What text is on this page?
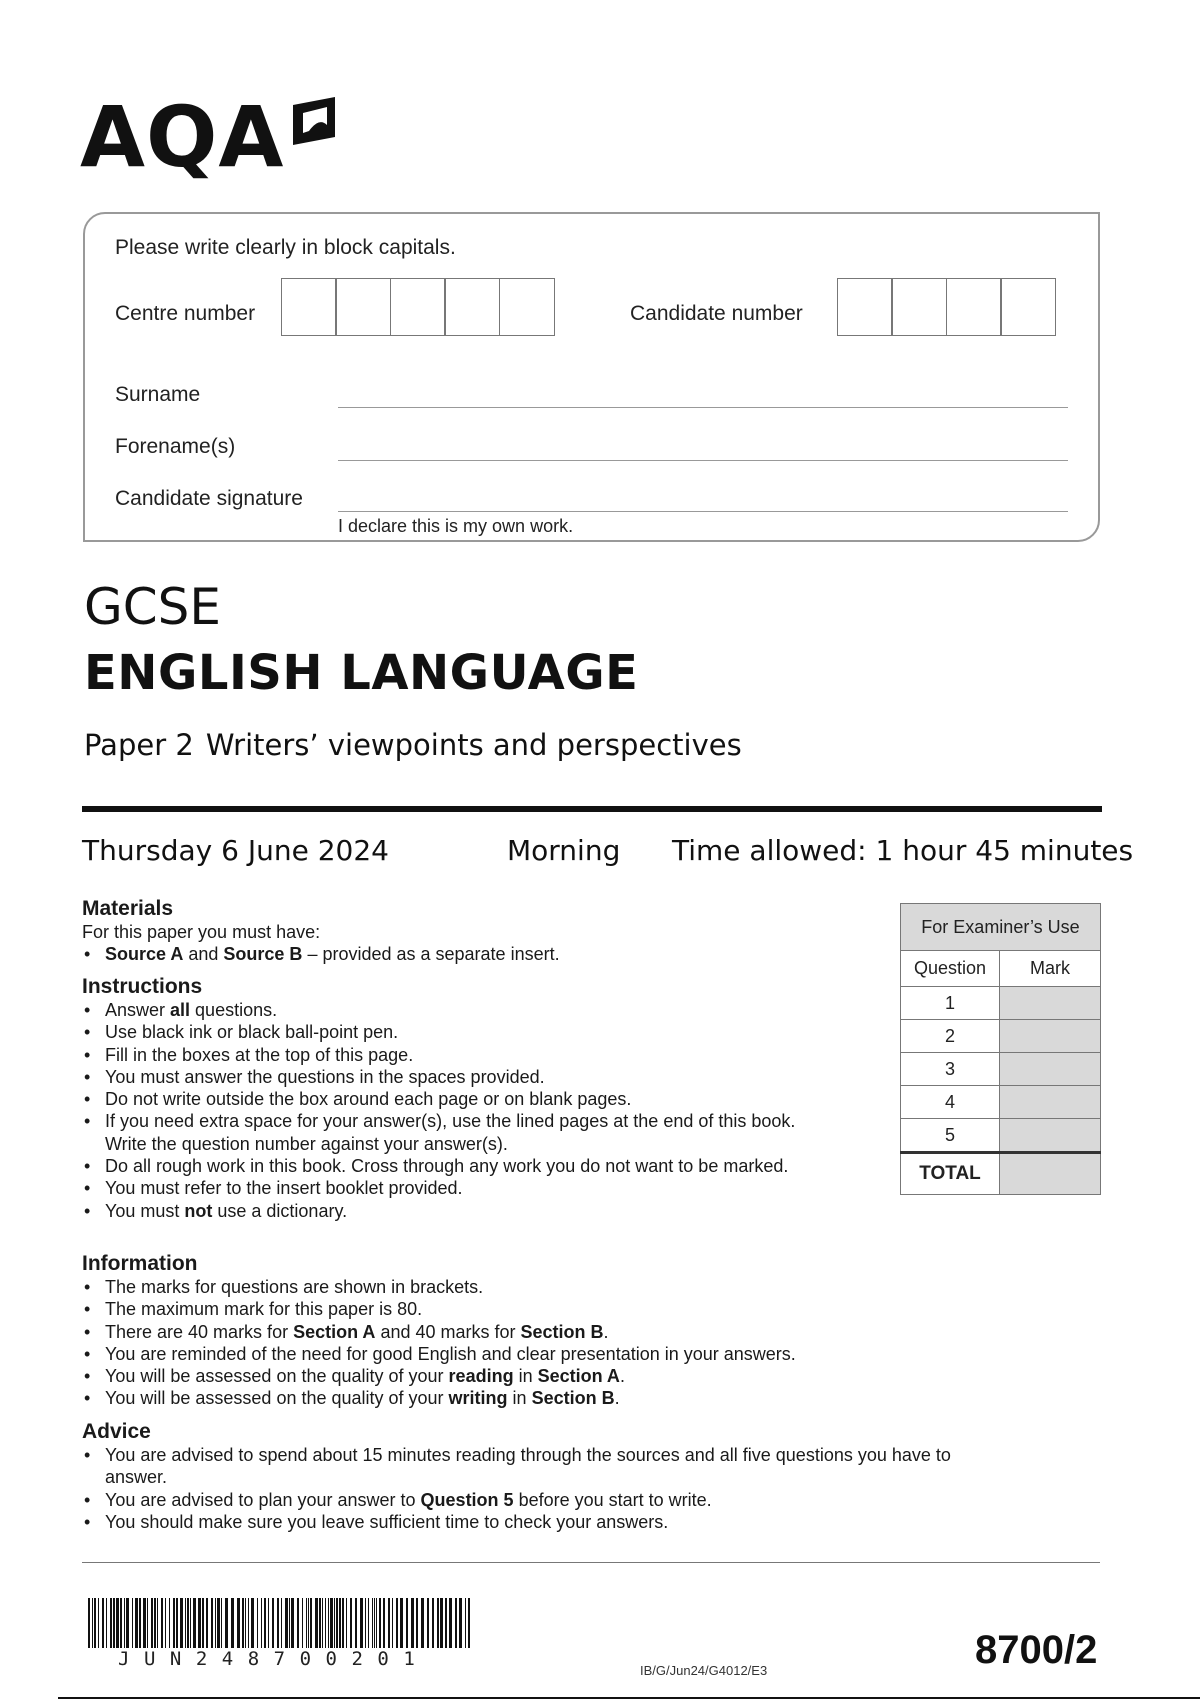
AQA
Please write clearly in block capitals.
Centre number	Candidate number
Surname
Forename(s)
Candidate signature
I declare this is my own work.
GCSE
ENGLISH LANGUAGE
Paper 2 Writers’ viewpoints and perspectives
Thursday 6 June 2024	Morning Time allowed: 1 hour 45 minutes
Materials
For this paper you must have:
• Source A and Source B – provided as a separate insert.
Instructions
• Answer all questions.
• Use black ink or black ball-point pen.
• Fill in the boxes at the top of this page.
• You must answer the questions in the spaces provided.
• Do not write outside the box around each page or on blank pages.
• If you need extra space for your answer(s), use the lined pages at the end of this book. Write the question number against your answer(s).
• Do all rough work in this book. Cross through any work you do not want to be marked.
• You must refer to the insert booklet provided.
• You must not use a dictionary.
Information
• The marks for questions are shown in brackets.
• The maximum mark for this paper is 80.
• There are 40 marks for Section A and 40 marks for Section B.
• You are reminded of the need for good English and clear presentation in your answers.
• You will be assessed on the quality of your reading in Section A.
• You will be assessed on the quality of your writing in Section B.
Advice
• You are advised to spend about 15 minutes reading through the sources and all five questions you have to answer.
• You are advised to plan your answer to Question 5 before you start to write.
• You should make sure you leave sufficient time to check your answers.
For Examiner’s Use	
Question	Mark
1	
2	
3	
4	
5	
TOTAL	
JUN248700201
IB/G/Jun24/G4012/E3	8700/2
